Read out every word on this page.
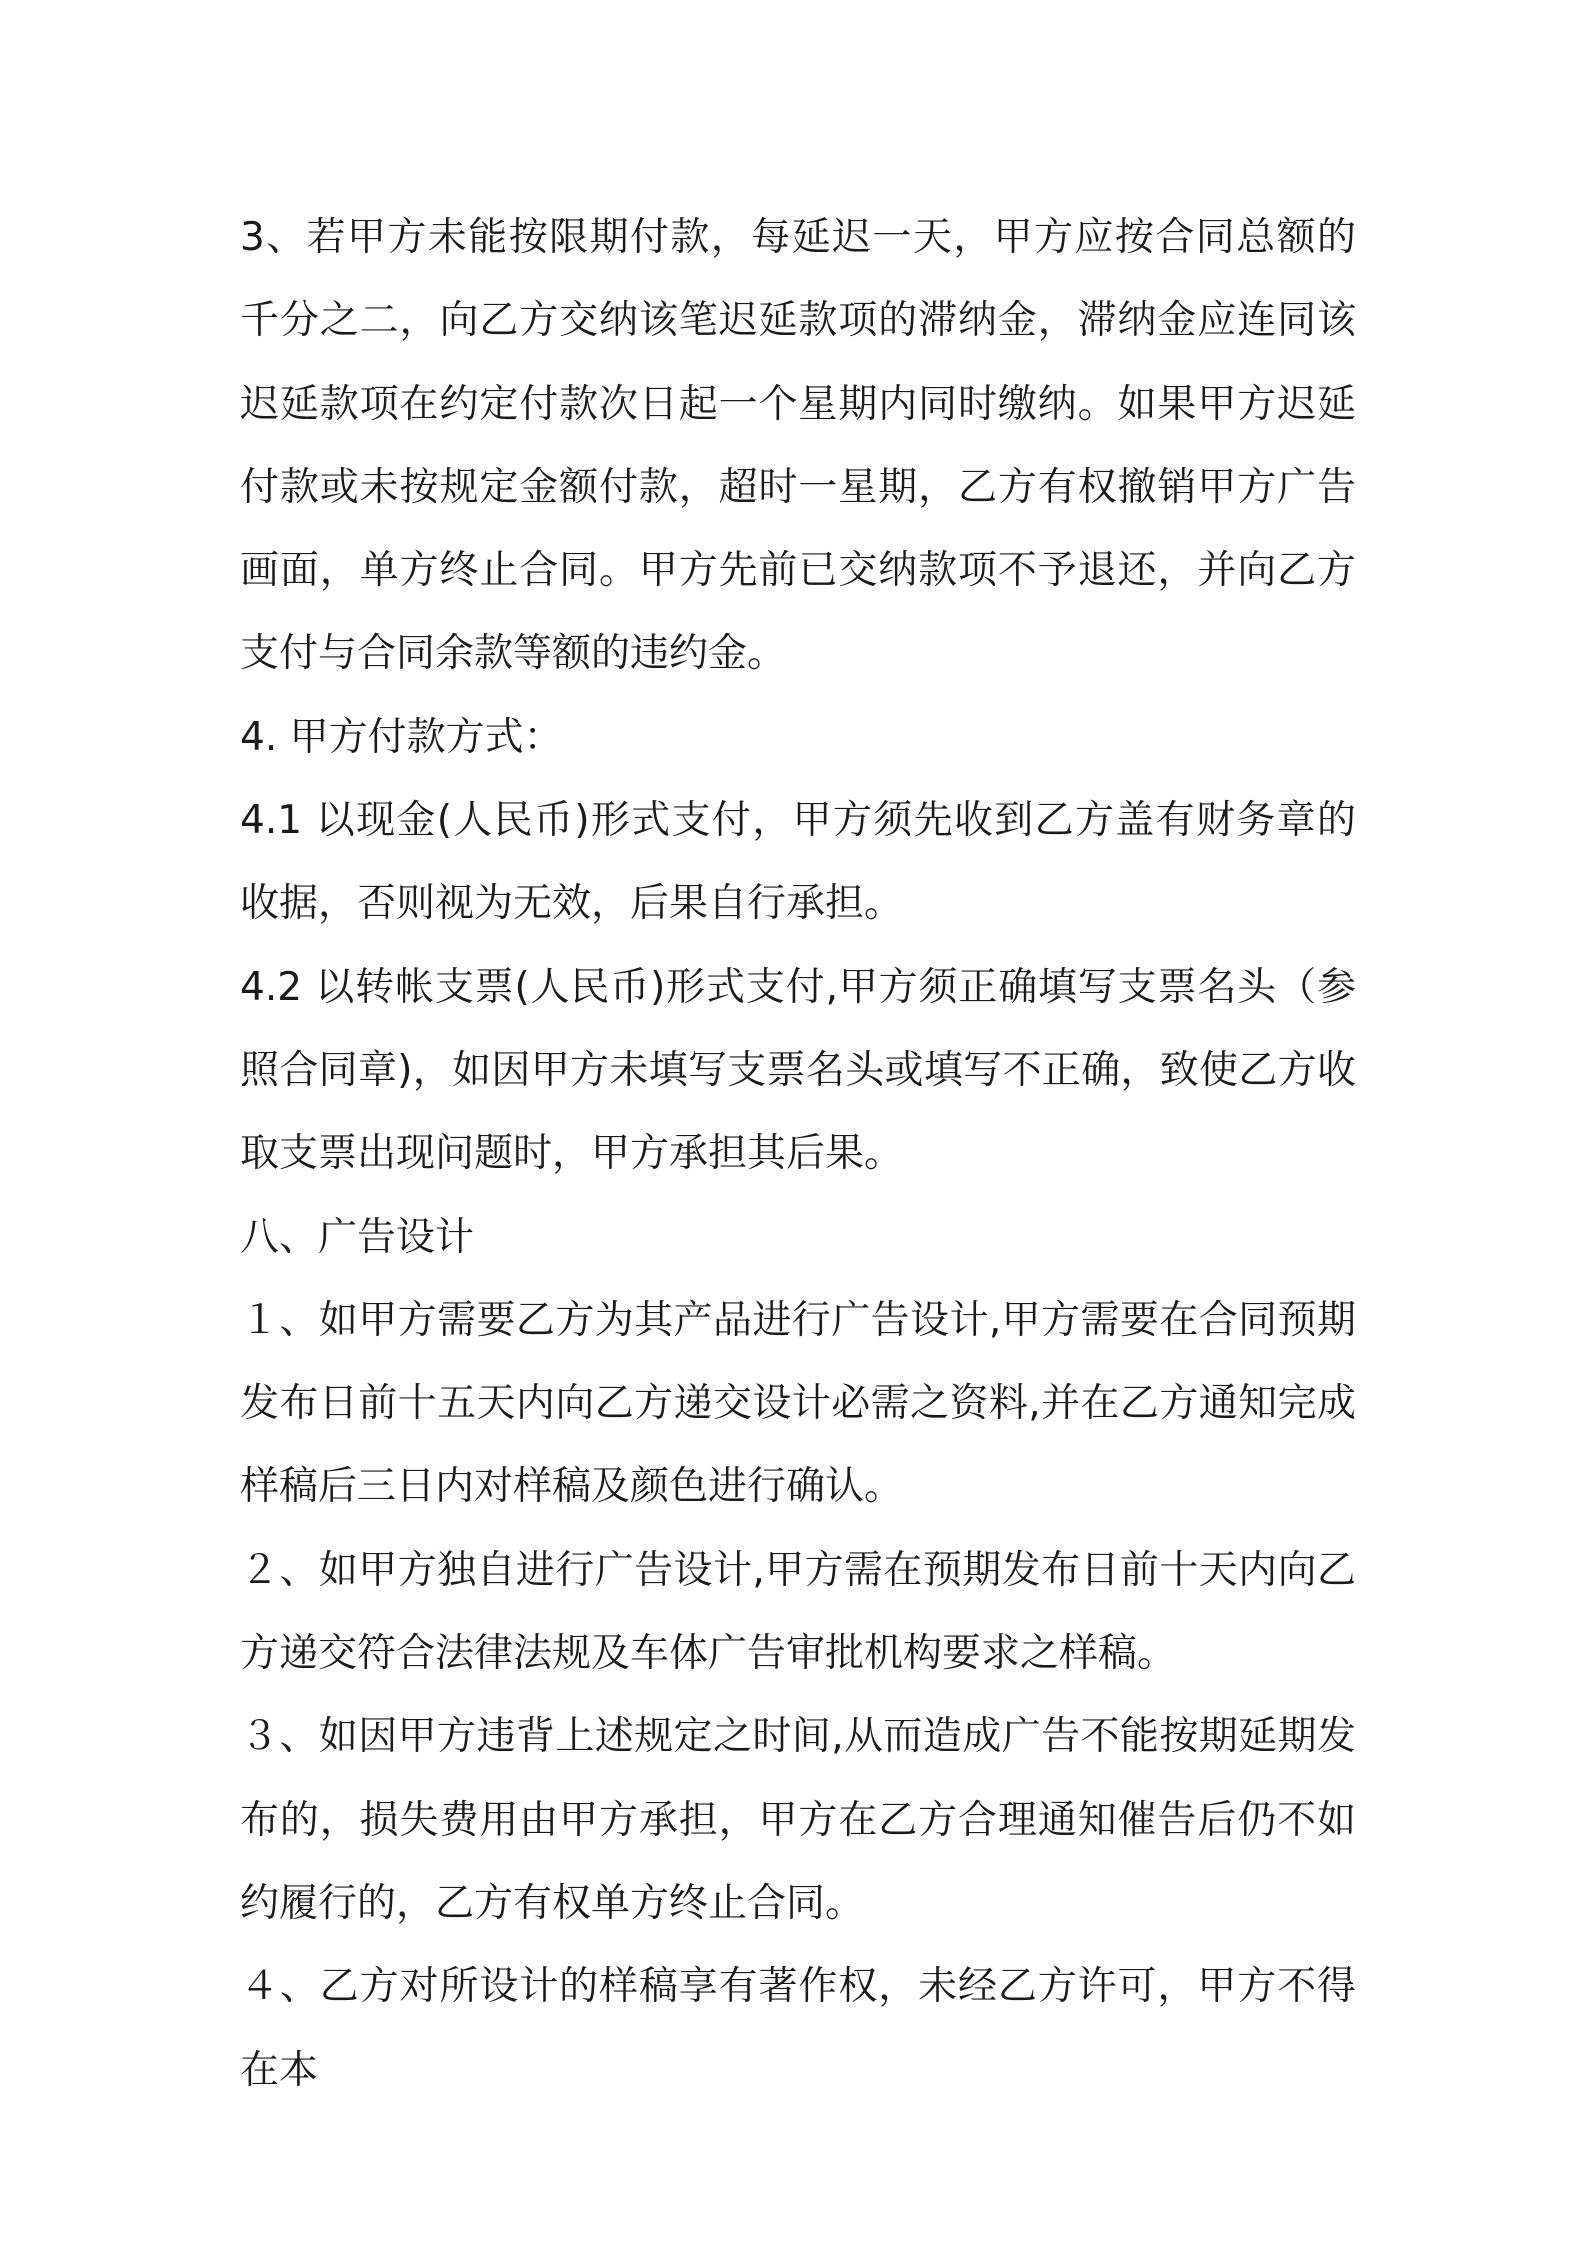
3、若甲方未能按限期付款，每延迟一天，甲方应按合同总额的千分之二，向乙方交纳该笔迟延款项的滞纳金，滞纳金应连同该迟延款项在约定付款次日起一个星期内同时缴纳。如果甲方迟延付款或未按规定金额付款，超时一星期，乙方有权撤销甲方广告画面，单方终止合同。甲方先前已交纳款项不予退还，并向乙方支付与合同余款等额的违约金。

4. 甲方付款方式：

4.1 以现金(人民币)形式支付，甲方须先收到乙方盖有财务章的收据，否则视为无效，后果自行承担。

4.2 以转帐支票(人民币)形式支付,甲方须正确填写支票名头（参照合同章)，如因甲方未填写支票名头或填写不正确，致使乙方收取支票出现问题时，甲方承担其后果。

八、广告设计

１、如甲方需要乙方为其产品进行广告设计,甲方需要在合同预期发布日前十五天内向乙方递交设计必需之资料,并在乙方通知完成样稿后三日内对样稿及颜色进行确认。

２、如甲方独自进行广告设计,甲方需在预期发布日前十天内向乙方递交符合法律法规及车体广告审批机构要求之样稿。

３、如因甲方违背上述规定之时间,从而造成广告不能按期延期发布的，损失费用由甲方承担，甲方在乙方合理通知催告后仍不如约履行的，乙方有权单方终止合同。

４、乙方对所设计的样稿享有著作权，未经乙方许可，甲方不得在本
